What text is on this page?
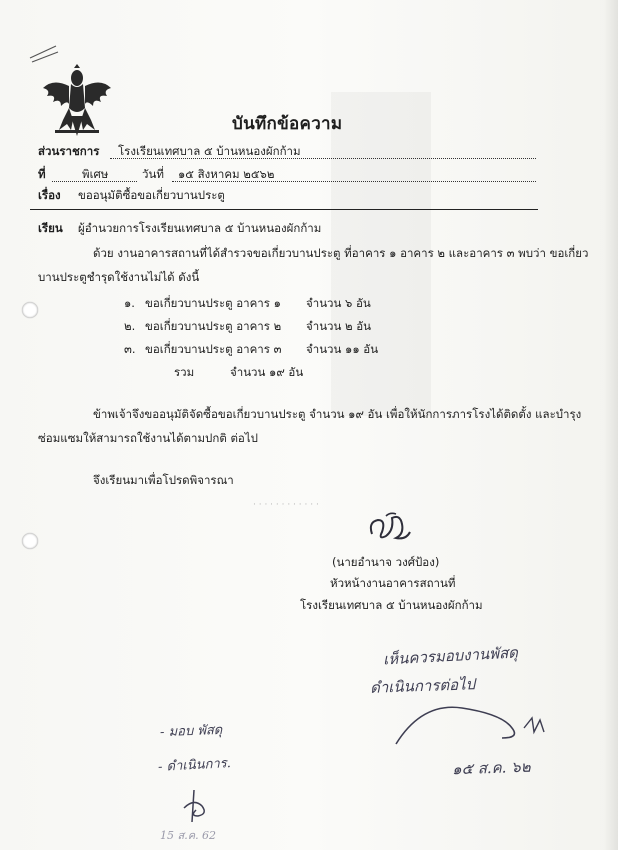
บันทึกข้อความ
ส่วนราชการ โรงเรียนเทศบาล ๕ บ้านหนองผักก้าม
ที่	พิเศษ	วันที่ ๑๕ สิงหาคม ๒๕๖๒
เรื่อง ขออนุมัติซื้อขอเกี่ยวบานประตู
เรียน ผู้อำนวยการโรงเรียนเทศบาล ๕ บ้านหนองผักก้าม
ด้วย งานอาคารสถานที่ได้สำรวจขอเกี่ยวบานประตู ที่อาคาร ๑ อาคาร ๒ และอาคาร ๓ พบว่า ขอเกี่ยว
บานประตูชำรุดใช้งานไม่ได้ ดังนี้
๑. ขอเกี่ยวบานประตู อาคาร ๑ จำนวน ๖ อัน
๒. ขอเกี่ยวบานประตู อาคาร ๒ จำนวน ๒ อัน
๓. ขอเกี่ยวบานประตู อาคาร ๓ จำนวน ๑๑ อัน
รวม	จำนวน ๑๙ อัน
ข้าพเจ้าจึงขออนุมัติจัดซื้อขอเกี่ยวบานประตู จำนวน ๑๙ อัน เพื่อให้นักการภารโรงได้ติดตั้ง และบำรุง
ซ่อมแซมให้สามารถใช้งานได้ตามปกติ ต่อไป
จึงเรียนมาเพื่อโปรดพิจารณา
· · · · · · · · · · · ·
(นายอำนาจ วงศ์ป้อง)
หัวหน้างานอาคารสถานที่
โรงเรียนเทศบาล ๕ บ้านหนองผักก้าม
เห็นควรมอบงานพัสดุ
ดำเนินการต่อไป
๑๕ ส.ค. ๖๒
- มอบ พัสดุ
- ดำเนินการ.
15 ส.ค. 62
